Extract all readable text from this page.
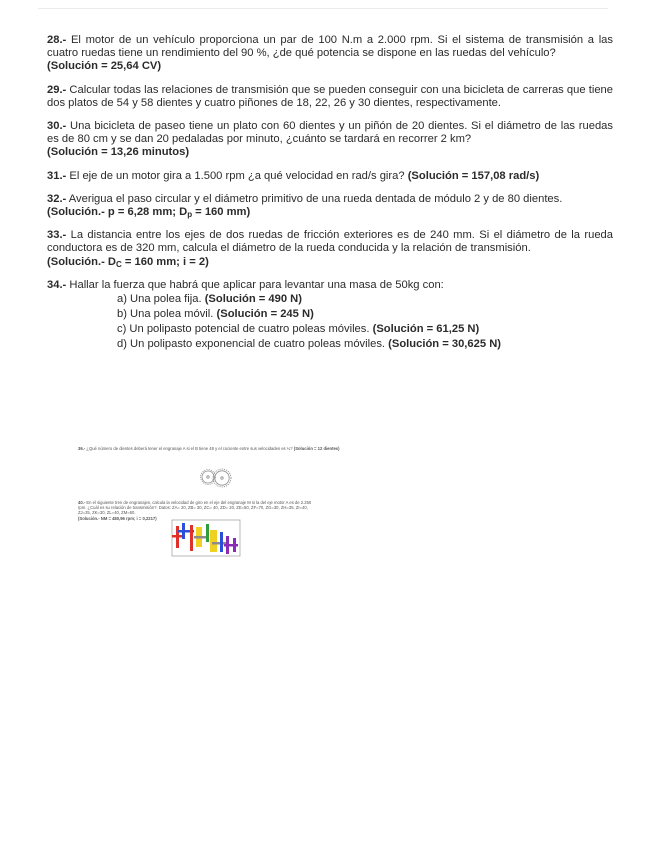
28.- El motor de un vehículo proporciona un par de 100 N.m a 2.000 rpm. Si el sistema de transmisión a las cuatro ruedas tiene un rendimiento del 90 %, ¿de qué potencia se dispone en las ruedas del vehículo?
(Solución = 25,64 CV)

29.- Calcular todas las relaciones de transmisión que se pueden conseguir con una bicicleta de carreras que tiene dos platos de 54 y 58 dientes y cuatro piñones de 18, 22, 26 y 30 dientes, respectivamente.

30.- Una bicicleta de paseo tiene un plato con 60 dientes y un piñón de 20 dientes. Si el diámetro de las ruedas es de 80 cm y se dan 20 pedaladas por minuto, ¿cuánto se tardará en recorrer 2 km?
(Solución = 13,26 minutos)

31.- El eje de un motor gira a 1.500 rpm ¿a qué velocidad en rad/s gira? (Solución = 157,08 rad/s)

32.- Averigua el paso circular y el diámetro primitivo de una rueda dentada de módulo 2 y de 80 dientes.
(Solución.- p = 6,28 mm; $D_p = 160$ mm)

33.- La distancia entre los ejes de dos ruedas de fricción exteriores es de 240 mm. Si el diámetro de la rueda conductora es de 320 mm, calcula el diámetro de la rueda conducida y la relación de transmisión.
(Solución.- $D_C = 160$ mm; i = 2)

34.- Hallar la fuerza que habrá que aplicar para levantar una masa de 50kg con:
a) Una polea fija. (Solución = 490 N)
b) Una polea móvil. (Solución = 245 N)
c) Un polipasto potencial de cuatro poleas móviles. (Solución = 61,25 N)
d) Un polipasto exponencial de cuatro poleas móviles. (Solución = 30,625 N)

36.- ¿Qué número de dientes deberá tener el engranaje A si el B tiene 48 y el cociente entre sus velocidades es ¼? (Solución = 12 dientes)

40.- En el siguiente tren de engranajes, calcula la velocidad de giro en el eje del engranaje M si la del eje motor A es de 2.250 rpm. ¿Cuál es su relación de transmisión?. Datos: ZA= 20, ZB= 30, ZC= 40, ZD= 20, ZE=50, ZF=70, ZG=30, ZH=35, ZI=40, ZJ=25, ZK=30, ZL=40, ZM=60.
(Solución.- NM = 480,96 rpm; i = 0,2217)
